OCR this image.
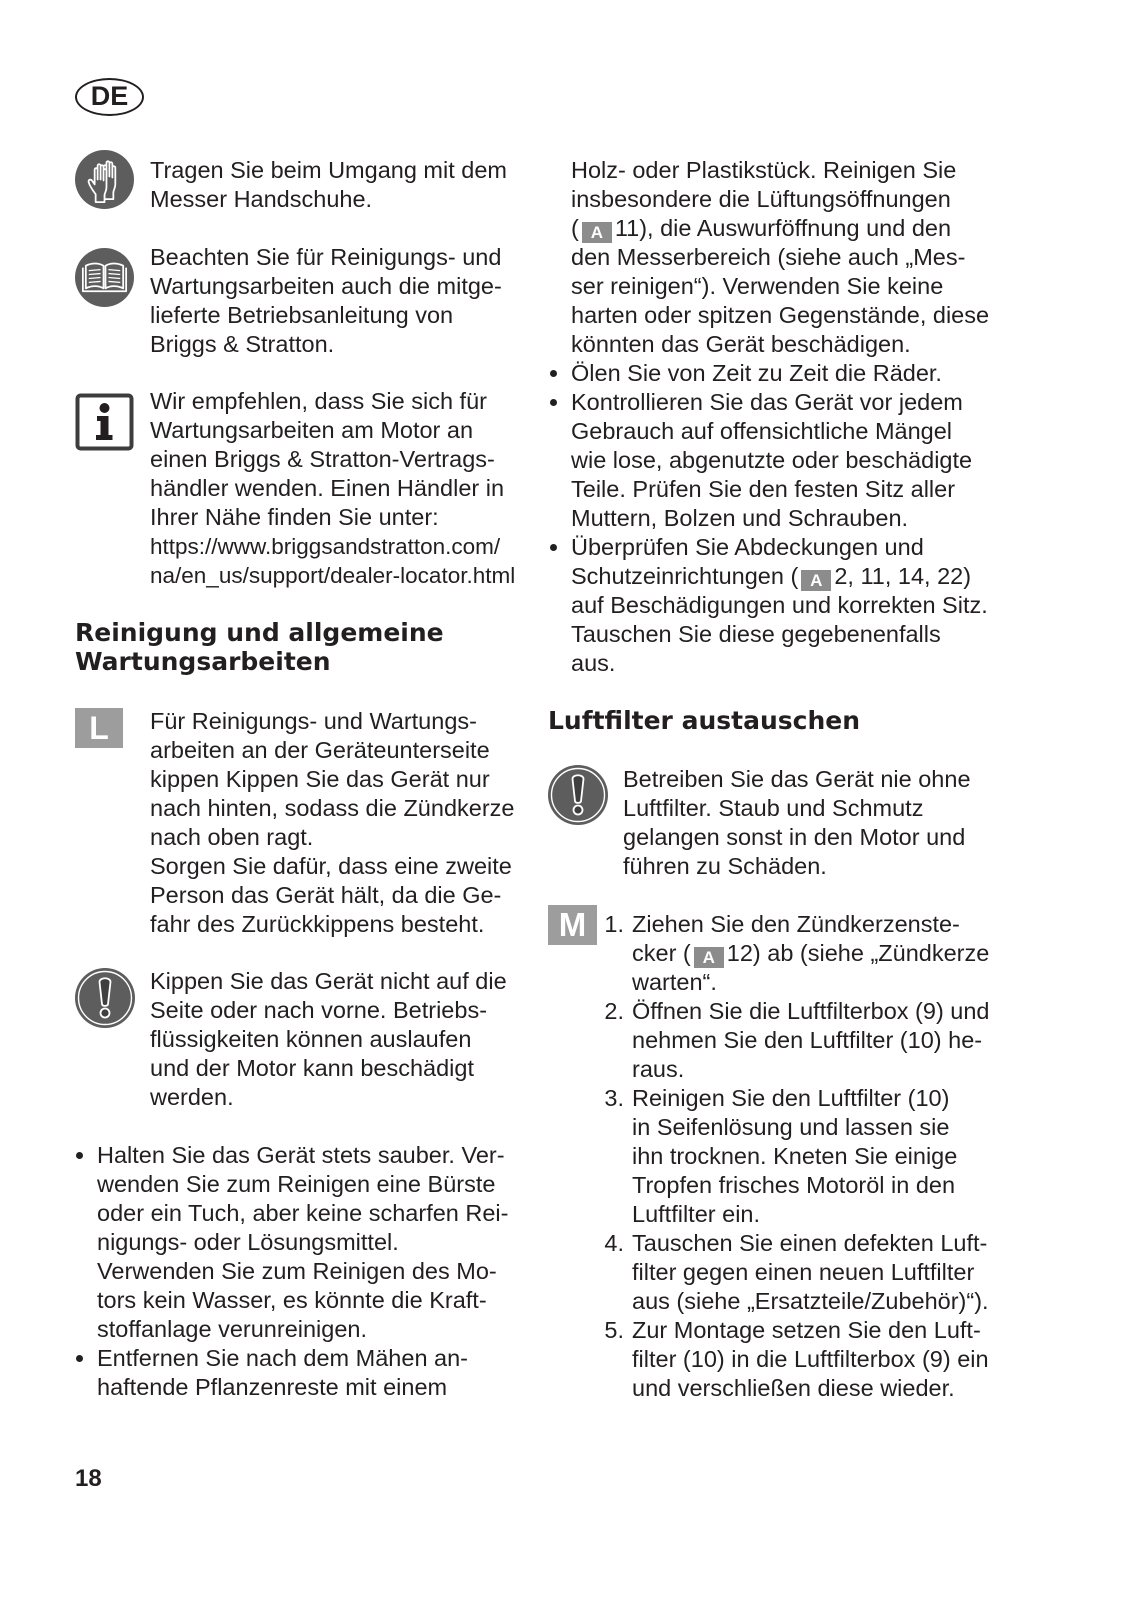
DE
Tragen Sie beim Umgang mit dem
Messer Handschuhe.
Beachten Sie für Reinigungs- und
Wartungsarbeiten auch die mitge-
lieferte Betriebsanleitung von
Briggs & Stratton.
Wir empfehlen, dass Sie sich für
Wartungsarbeiten am Motor an
einen Briggs & Stratton-Vertrags-
händler wenden. Einen Händler in
Ihrer Nähe finden Sie unter:
https://www.briggsandstratton.com/
na/en_us/support/dealer-locator.html
Reinigung und allgemeine
Wartungsarbeiten
L	Für Reinigungs- und Wartungs-
arbeiten an der Geräteunterseite
kippen Kippen Sie das Gerät nur
nach hinten, sodass die Zündkerze
nach oben ragt.
Sorgen Sie dafür, dass eine zweite
Person das Gerät hält, da die Ge-
fahr des Zurückkippens besteht.
Kippen Sie das Gerät nicht auf die
Seite oder nach vorne. Betriebs-
flüssigkeiten können auslaufen
und der Motor kann beschädigt
werden.
Halten Sie das Gerät stets sauber. Ver-
wenden Sie zum Reinigen eine Bürste
oder ein Tuch, aber keine scharfen Rei-
nigungs- oder Lösungsmittel.
Verwenden Sie zum Reinigen des Mo-
tors kein Wasser, es könnte die Kraft-
stoffanlage verunreinigen.
Entfernen Sie nach dem Mähen an-
haftende Pflanzenreste mit einem
18
Holz- oder Plastikstück. Reinigen Sie
insbesondere die Lüftungsöffnungen
( A 11), die Auswurföffnung und den
den Messerbereich (siehe auch „Mes-
ser reinigen“). Verwenden Sie keine
harten oder spitzen Gegenstände, diese
könnten das Gerät beschädigen.
Ölen Sie von Zeit zu Zeit die Räder.
Kontrollieren Sie das Gerät vor jedem
Gebrauch auf offensichtliche Mängel
wie lose, abgenutzte oder beschädigte
Teile. Prüfen Sie den festen Sitz aller
Muttern, Bolzen und Schrauben.
Überprüfen Sie Abdeckungen und
Schutzeinrichtungen ( A 2, 11, 14, 22)
auf Beschädigungen und korrekten Sitz.
Tauschen Sie diese gegebenenfalls
aus.
Luftfilter austauschen
Betreiben Sie das Gerät nie ohne
Luftfilter. Staub und Schmutz
gelangen sonst in den Motor und
führen zu Schäden.
M 1. Ziehen Sie den Zündkerzenste-
cker ( A 12) ab (siehe „Zündkerze
warten“.
2. Öffnen Sie die Luftfilterbox (9) und
nehmen Sie den Luftfilter (10) he-
raus.
3. Reinigen Sie den Luftfilter (10)
in Seifenlösung und lassen sie
ihn trocknen. Kneten Sie einige
Tropfen frisches Motoröl in den
Luftfilter ein.
4. Tauschen Sie einen defekten Luft-
filter gegen einen neuen Luftfilter
aus (siehe „Ersatzteile/Zubehör)“).
5. Zur Montage setzen Sie den Luft-
filter (10) in die Luftfilterbox (9) ein
und verschließen diese wieder.
